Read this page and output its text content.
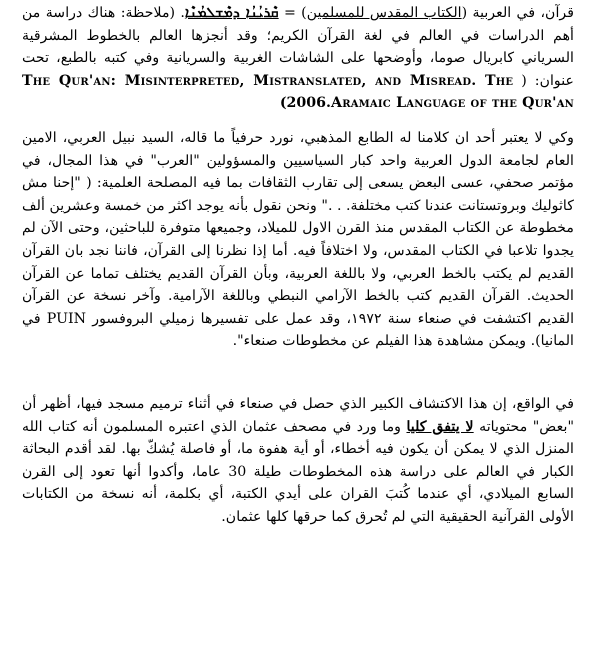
قرآن، في العربية (الكتاب المقدس للمسلمين) = ܩܶܪܝܳܢܳܐ ܕܡܶܫܠܡܳܢܶܐ. (ملاحظة: هناك دراسة من أهم الدراسات في العالم في لغة القرآن الكريم؛ وقد أنجزها العالم بالخطوط المشرقية السرياني كابريال صوما، وأوضحها على الشاشات الغربية والسريانية وفي كتبه بالطبع، تحت عنوان: ( The Qur'an: Misinterpreted, Mistranslated, and Misread. The Aramaic Language of the Qur'an (2006.

وكي لا يعتبر أحد ان كلامنا له الطابع المذهبي، نورد حرفياً ما قاله، السيد نبيل العربي، الامين العام لجامعة الدول العربية واحد كبار السياسيين والمسؤولين "العرب" في هذا المجال، في مؤتمر صحفي، عسى البعض يسعى إلى تقارب الثقافات بما فيه المصلحة العلمية: ( "إحنا مش كاثوليك وبروتستانت عندنا كتب مختلفة. . ." ونحن نقول بأنه يوجد اكثر من خمسة وعشرين ألف مخطوطة عن الكتاب المقدس منذ القرن الاول للميلاد، وجميعها متوفرة للباحثين، وحتى الآن لم يجدوا تلاعبا في الكتاب المقدس، ولا اختلافاً فيه. أما إذا نظرنا إلى القرآن، فاننا نجد بان القرآن القديم لم يكتب بالخط العربي، ولا باللغة العربية، وبأن القرآن القديم يختلف تماما عن القرآن الحديث. القرآن القديم كتب بالخط الآرامي النبطي وباللغة الآرامية. وآخر نسخة عن القرآن القديم اكتشفت في صنعاء سنة ١٩٧٢، وقد عمل على تفسيرها زميلي البروفسور PUIN في المانيا). ويمكن مشاهدة هذا الفيلم عن مخطوطات صنعاء".

في الواقع، إن هذا الاكتشاف الكبير الذي حصل في صنعاء في أثناء ترميم مسجد فيها، أظهر أن "بعض" محتوياته لا يتفق كليا وما ورد في مصحف عثمان الذي اعتبره المسلمون أنه كتاب الله المنزل الذي لا يمكن أن يكون فيه أخطاء، أو أية هفوة ما، أو فاصلة يُشكّ بها. لقد أقدم البحاثة الكبار في العالم على دراسة هذه المخطوطات طيلة 30 عاما، وأكدوا أنها تعود إلى القرن السابع الميلادي، أي عندما كُتبَ القران على أيدي الكتبة، أي بكلمة، أنه نسخة من الكتابات الأولى القرآنية الحقيقية التي لم تُحرق كما حرقها كلها عثمان.
